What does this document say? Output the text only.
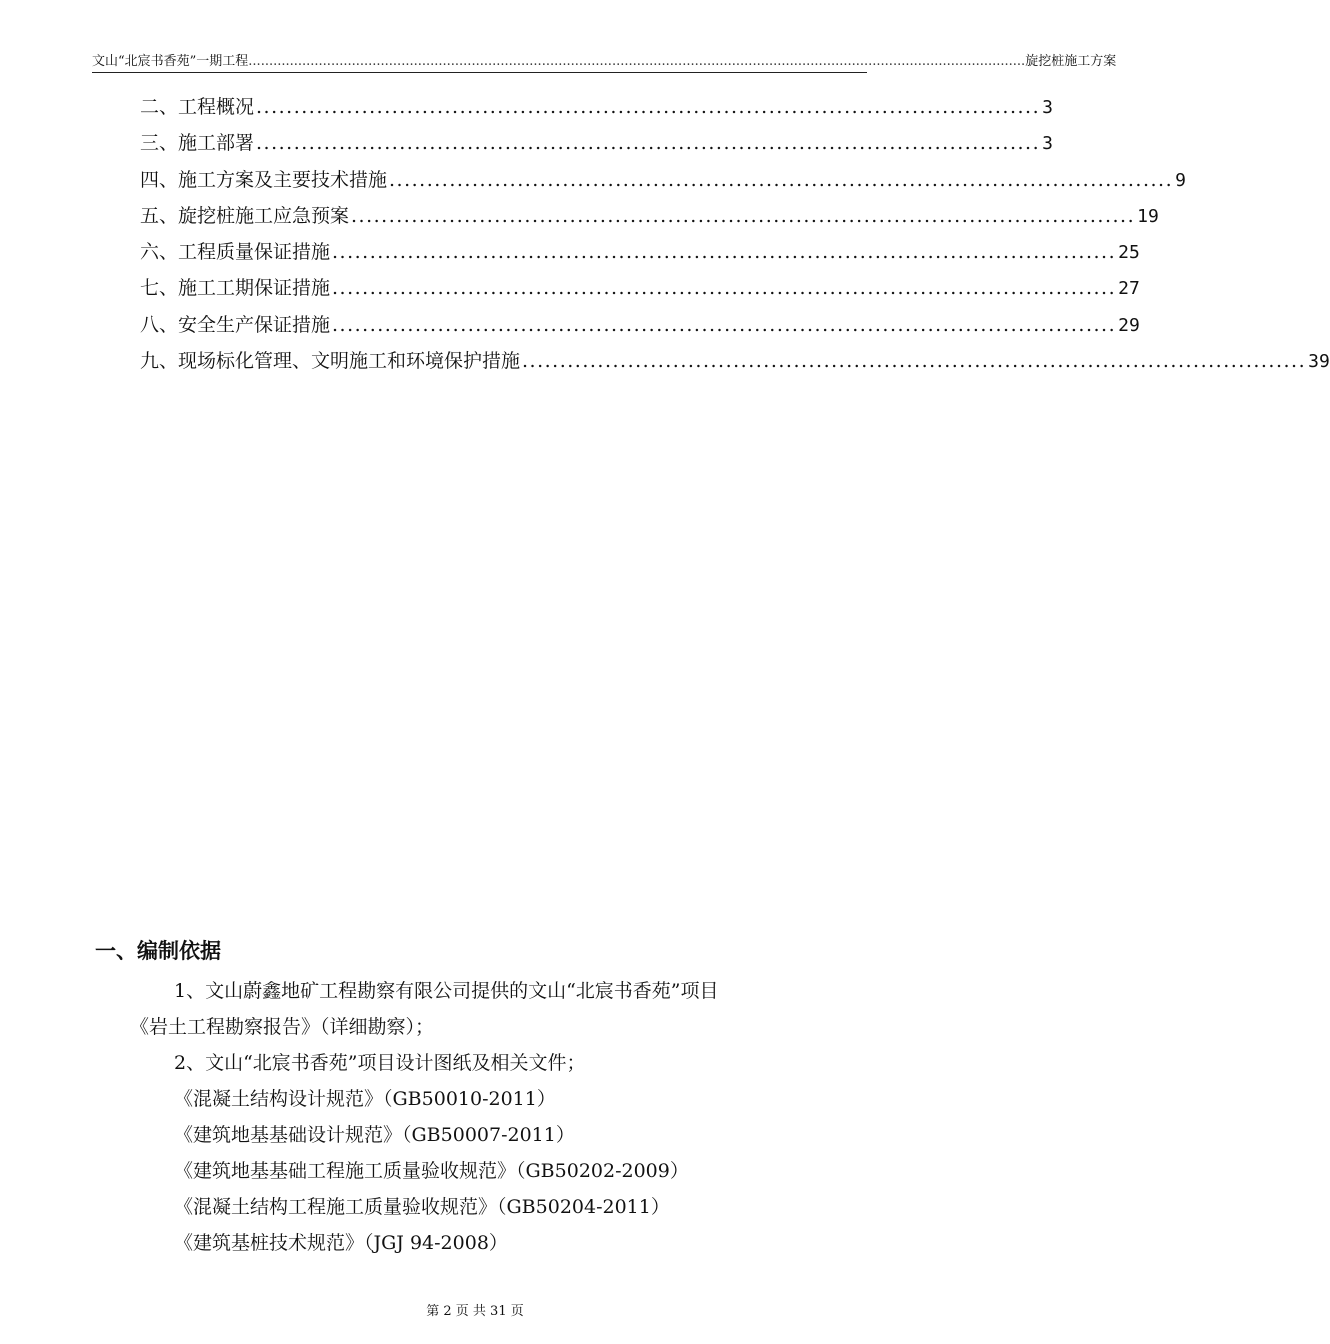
文山“北宸书香苑”一期工程 ............................................................................................................................................................................................ 旋挖桩施工方案
二、工程概况 ........................................................................................................ 3
三、施工部署 ........................................................................................................ 3
四、施工方案及主要技术措施 ........................................................................................................ 9
五、旋挖桩施工应急预案 ........................................................................................................ 19
六、工程质量保证措施 ........................................................................................................ 25
七、施工工期保证措施 ........................................................................................................ 27
八、安全生产保证措施 ........................................................................................................ 29
九、现场标化管理、文明施工和环境保护措施 ........................................................................................................ 39
一、编制依据
1、文山蔚鑫地矿工程勘察有限公司提供的文山“北宸书香苑”项目
《岩土工程勘察报告》（详细勘察）；
2、文山“北宸书香苑”项目设计图纸及相关文件；
《混凝土结构设计规范》（GB50010-2011）
《建筑地基基础设计规范》（GB50007-2011）
《建筑地基基础工程施工质量验收规范》（GB50202-2009）
《混凝土结构工程施工质量验收规范》（GB50204-2011）
《建筑基桩技术规范》（JGJ 94-2008）
第 2 页 共 31 页
